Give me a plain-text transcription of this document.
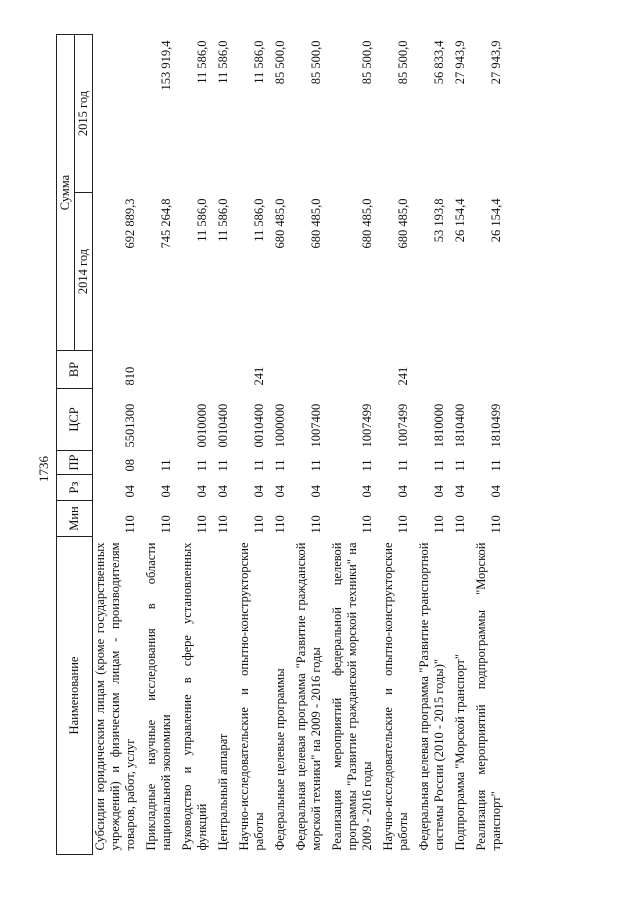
1736
Наименование	Мин	Рз	ПР	ЦСР	ВР	Сумма	
						2014 год	2015 год
Субсидии юридическим лицам (кроме государственных учреждений) и физическим лицам - производителям товаров, работ, услуг	110	04	08	5501300	810	692 889,3	
Прикладные научные исследования в области национальной экономики	110	04	11			745 264,8	153 919,4
Руководство и управление в сфере установленных функций	110	04	11	0010000		11 586,0	11 586,0
Центральный аппарат	110	04	11	0010400		11 586,0	11 586,0
Научно-исследовательские и опытно-конструкторские работы	110	04	11	0010400	241	11 586,0	11 586,0
Федеральные целевые программы	110	04	11	1000000		680 485,0	85 500,0
Федеральная целевая программа "Развитие гражданской морской техники" на 2009 - 2016 годы	110	04	11	1007400		680 485,0	85 500,0
Реализация мероприятий федеральной целевой программы "Развитие гражданской морской техники" на 2009 - 2016 годы	110	04	11	1007499		680 485,0	85 500,0
Научно-исследовательские и опытно-конструкторские работы	110	04	11	1007499	241	680 485,0	85 500,0
Федеральная целевая программа "Развитие транспортной системы России (2010 - 2015 годы)"	110	04	11	1810000		53 193,8	56 833,4
Подпрограмма "Морской транспорт"	110	04	11	1810400		26 154,4	27 943,9
Реализация мероприятий подпрограммы "Морской транспорт"	110	04	11	1810499		26 154,4	27 943,9
